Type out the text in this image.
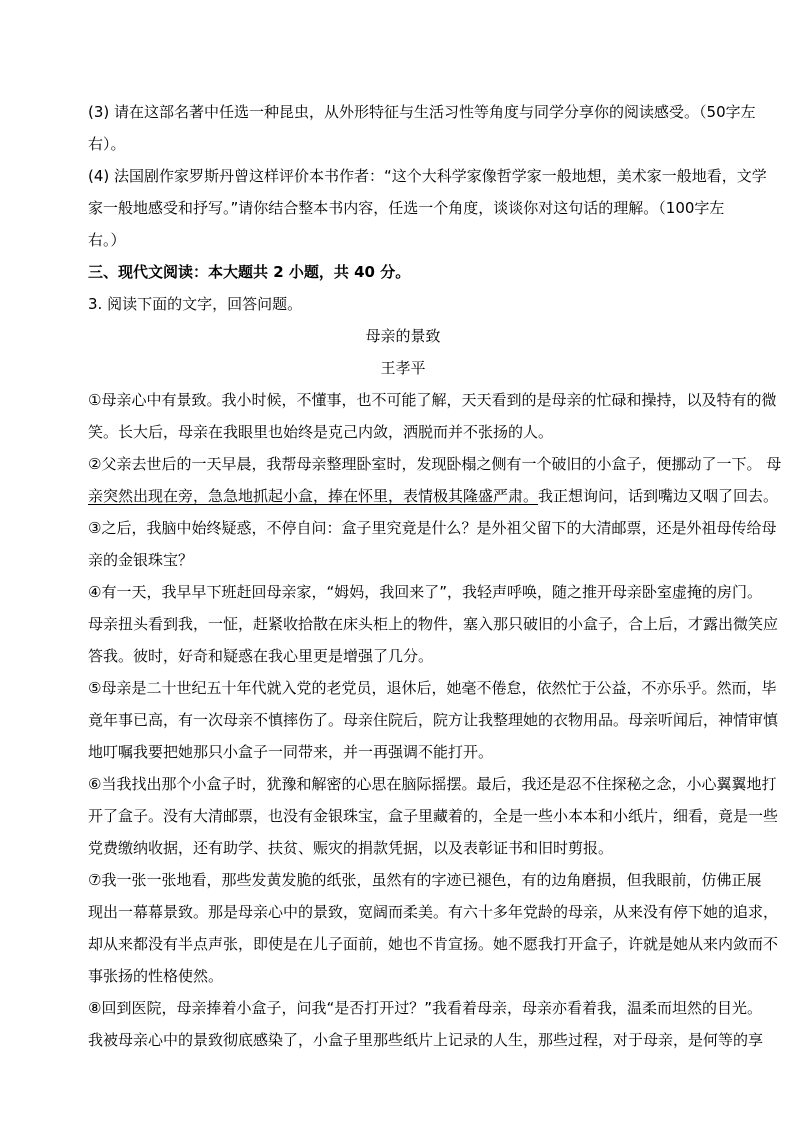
(3) 请在这部名著中任选一种昆虫，从外形特征与生活习性等角度与同学分享你的阅读感受。（50字左
右）。
(4) 法国剧作家罗斯丹曾这样评价本书作者：“这个大科学家像哲学家一般地想，美术家一般地看，文学
家一般地感受和抒写。”请你结合整本书内容，任选一个角度，谈谈你对这句话的理解。（100字左
右。）
三、现代文阅读：本大题共 2 小题，共 40 分。
3. 阅读下面的文字，回答问题。
母亲的景致
王孝平
①母亲心中有景致。我小时候，不懂事，也不可能了解，天天看到的是母亲的忙碌和操持，以及特有的微
笑。长大后，母亲在我眼里也始终是克己内敛，洒脱而并不张扬的人。
②父亲去世后的一天早晨，我帮母亲整理卧室时，发现卧榻之侧有一个破旧的小盒子，便挪动了一下。 母
亲突然出现在旁，急急地抓起小盒，捧在怀里，表情极其隆盛严肃。我正想询问，话到嘴边又咽了回去。
③之后，我脑中始终疑惑，不停自问：盒子里究竟是什么？是外祖父留下的大清邮票，还是外祖母传给母
亲的金银珠宝？
④有一天，我早早下班赶回母亲家，“姆妈，我回来了”，我轻声呼唤，随之推开母亲卧室虚掩的房门。
母亲扭头看到我，一怔，赶紧收拾散在床头柜上的物件，塞入那只破旧的小盒子，合上后，才露出微笑应
答我。彼时，好奇和疑惑在我心里更是增强了几分。
⑤母亲是二十世纪五十年代就入党的老党员，退休后，她毫不倦怠，依然忙于公益，不亦乐乎。然而，毕
竟年事已高，有一次母亲不慎摔伤了。母亲住院后，院方让我整理她的衣物用品。母亲听闻后，神情审慎
地叮嘱我要把她那只小盒子一同带来，并一再强调不能打开。
⑥当我找出那个小盒子时，犹豫和解密的心思在脑际摇摆。最后，我还是忍不住探秘之念，小心翼翼地打
开了盒子。没有大清邮票，也没有金银珠宝，盒子里藏着的，全是一些小本本和小纸片，细看，竟是一些
党费缴纳收据，还有助学、扶贫、赈灾的捐款凭据，以及表彰证书和旧时剪报。
⑦我一张一张地看，那些发黄发脆的纸张，虽然有的字迹已褪色，有的边角磨损，但我眼前，仿佛正展
现出一幕幕景致。那是母亲心中的景致，宽阔而柔美。有六十多年党龄的母亲，从来没有停下她的追求，
却从来都没有半点声张，即使是在儿子面前，她也不肯宣扬。她不愿我打开盒子，许就是她从来内敛而不
事张扬的性格使然。
⑧回到医院，母亲捧着小盒子，问我“是否打开过？”我看着母亲，母亲亦看着我，温柔而坦然的目光。
我被母亲心中的景致彻底感染了，小盒子里那些纸片上记录的人生，那些过程，对于母亲，是何等的享
